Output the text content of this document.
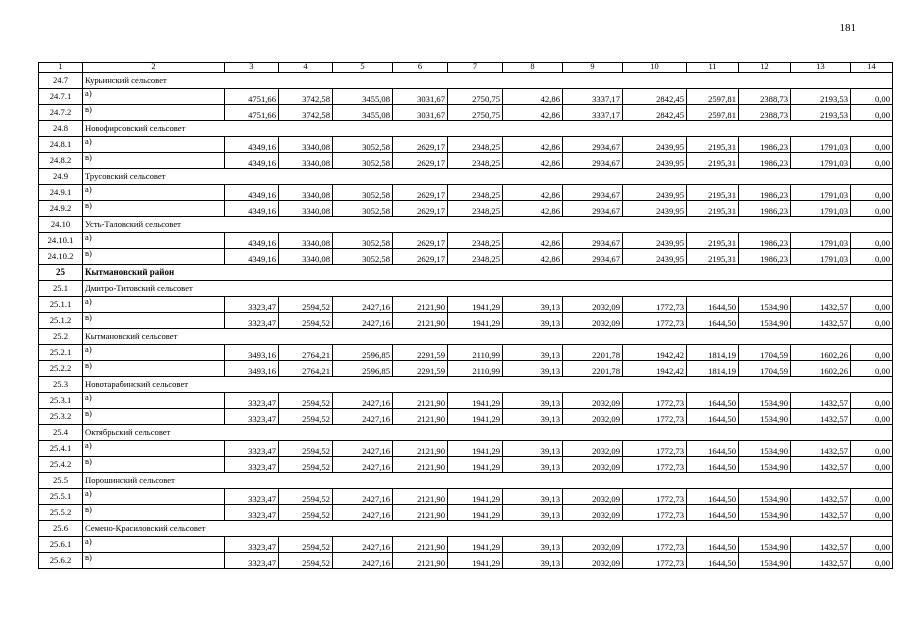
181
1	2	3	4	5	6	7	8	9	10	11	12	13	14
24.7	Курьинский сельсовет												
24.7.1	а)	4751,66	3742,58	3455,08	3031,67	2750,75	42,86	3337,17	2842,45	2597,81	2388,73	2193,53	0,00
24.7.2	в)	4751,66	3742,58	3455,08	3031,67	2750,75	42,86	3337,17	2842,45	2597,81	2388,73	2193,53	0,00
24.8	Новофирсовский сельсовет												
24.8.1	а)	4349,16	3340,08	3052,58	2629,17	2348,25	42,86	2934,67	2439,95	2195,31	1986,23	1791,03	0,00
24.8.2	в)	4349,16	3340,08	3052,58	2629,17	2348,25	42,86	2934,67	2439,95	2195,31	1986,23	1791,03	0,00
24.9	Трусовский сельсовет												
24.9.1	а)	4349,16	3340,08	3052,58	2629,17	2348,25	42,86	2934,67	2439,95	2195,31	1986,23	1791,03	0,00
24.9.2	в)	4349,16	3340,08	3052,58	2629,17	2348,25	42,86	2934,67	2439,95	2195,31	1986,23	1791,03	0,00
24.10	Усть-Таловский сельсовет												
24.10.1	а)	4349,16	3340,08	3052,58	2629,17	2348,25	42,86	2934,67	2439,95	2195,31	1986,23	1791,03	0,00
24.10.2	в)	4349,16	3340,08	3052,58	2629,17	2348,25	42,86	2934,67	2439,95	2195,31	1986,23	1791,03	0,00
25	Кытмановский район												
25.1	Дмитро-Титовский сельсовет												
25.1.1	а)	3323,47	2594,52	2427,16	2121,90	1941,29	39,13	2032,09	1772,73	1644,50	1534,90	1432,57	0,00
25.1.2	в)	3323,47	2594,52	2427,16	2121,90	1941,29	39,13	2032,09	1772,73	1644,50	1534,90	1432,57	0,00
25.2	Кытмановский сельсовет												
25.2.1	а)	3493,16	2764,21	2596,85	2291,59	2110,99	39,13	2201,78	1942,42	1814,19	1704,59	1602,26	0,00
25.2.2	в)	3493,16	2764,21	2596,85	2291,59	2110,99	39,13	2201,78	1942,42	1814,19	1704,59	1602,26	0,00
25.3	Новотарабинский сельсовет												
25.3.1	а)	3323,47	2594,52	2427,16	2121,90	1941,29	39,13	2032,09	1772,73	1644,50	1534,90	1432,57	0,00
25.3.2	в)	3323,47	2594,52	2427,16	2121,90	1941,29	39,13	2032,09	1772,73	1644,50	1534,90	1432,57	0,00
25.4	Октябрьский сельсовет												
25.4.1	а)	3323,47	2594,52	2427,16	2121,90	1941,29	39,13	2032,09	1772,73	1644,50	1534,90	1432,57	0,00
25.4.2	в)	3323,47	2594,52	2427,16	2121,90	1941,29	39,13	2032,09	1772,73	1644,50	1534,90	1432,57	0,00
25.5	Порошинский сельсовет												
25.5.1	а)	3323,47	2594,52	2427,16	2121,90	1941,29	39,13	2032,09	1772,73	1644,50	1534,90	1432,57	0,00
25.5.2	в)	3323,47	2594,52	2427,16	2121,90	1941,29	39,13	2032,09	1772,73	1644,50	1534,90	1432,57	0,00
25.6	Семено-Красиловский сельсовет												
25.6.1	а)	3323,47	2594,52	2427,16	2121,90	1941,29	39,13	2032,09	1772,73	1644,50	1534,90	1432,57	0,00
25.6.2	в)	3323,47	2594,52	2427,16	2121,90	1941,29	39,13	2032,09	1772,73	1644,50	1534,90	1432,57	0,00
